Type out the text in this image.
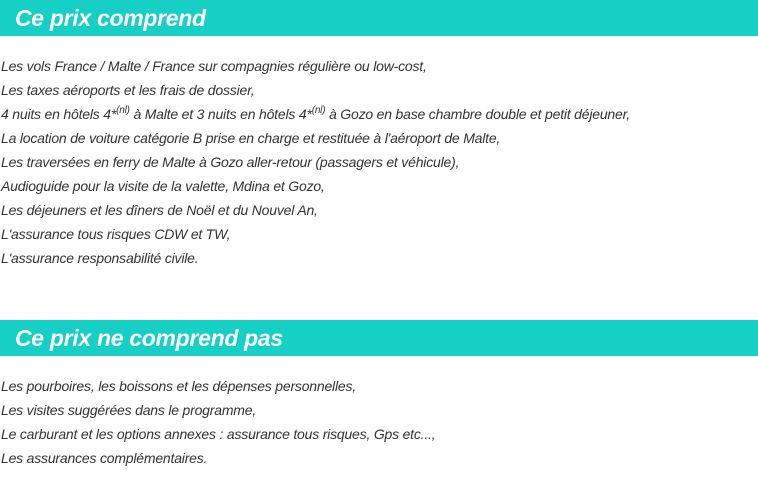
Ce prix comprend
Les vols France / Malte / France sur compagnies régulière ou low-cost,
Les taxes aéroports et les frais de dossier,
4 nuits en hôtels 4*$^{(nl)}$ à Malte et 3 nuits en hôtels 4*$^{(nl)}$ à Gozo en base chambre double et petit déjeuner,
La location de voiture catégorie B prise en charge et restituée à l'aéroport de Malte,
Les traversées en ferry de Malte à Gozo aller-retour (passagers et véhicule),
Audioguide pour la visite de la valette, Mdina et Gozo,
Les déjeuners et les dîners de Noël et du Nouvel An,
L'assurance tous risques CDW et TW,
L'assurance responsabilité civile.
Ce prix ne comprend pas
Les pourboires, les boissons et les dépenses personnelles,
Les visites suggérées dans le programme,
Le carburant et les options annexes : assurance tous risques, Gps etc...,
Les assurances complémentaires.
